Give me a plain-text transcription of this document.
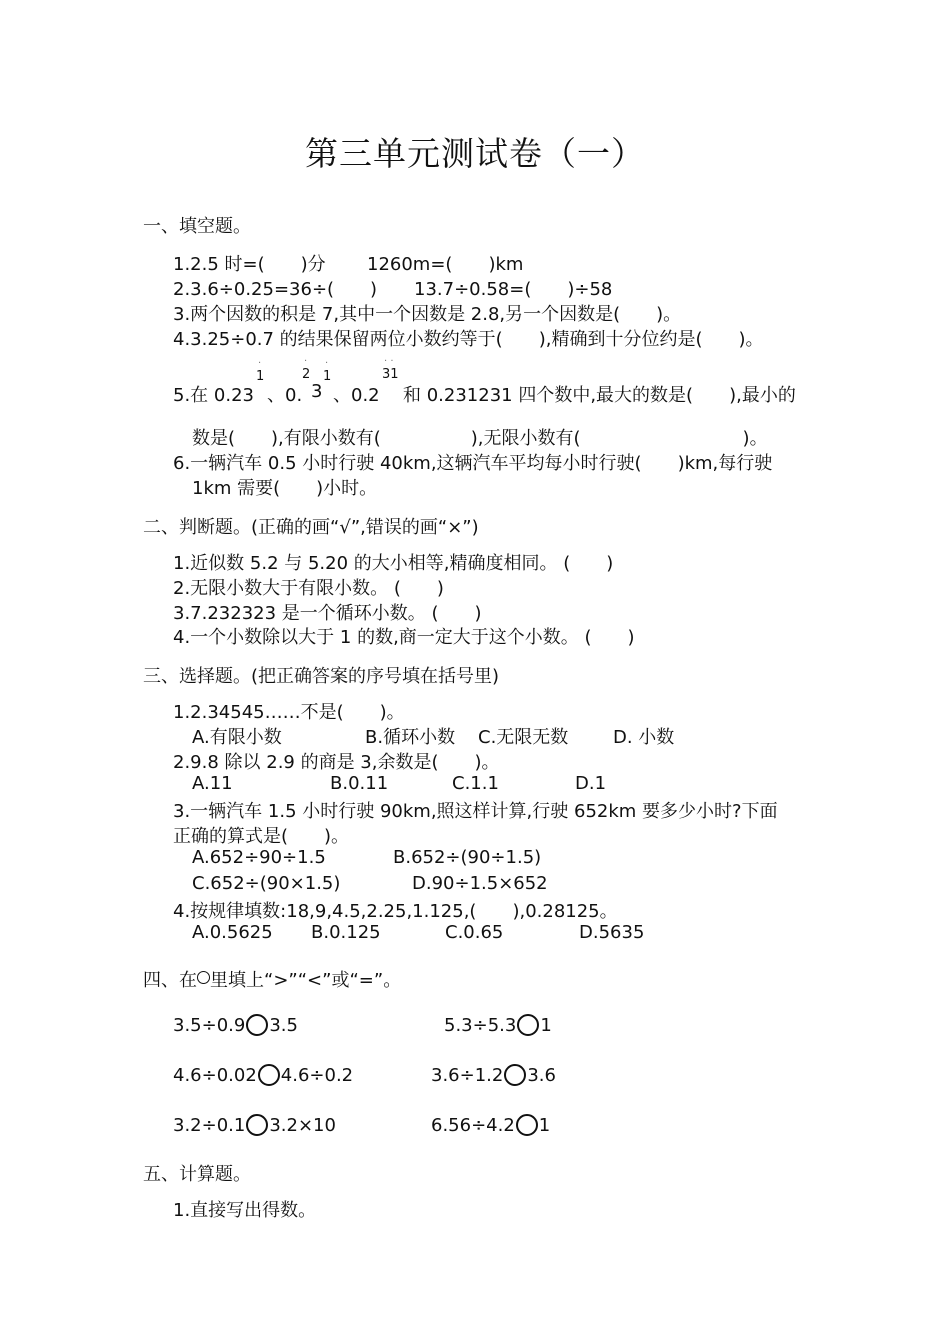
第三单元测试卷（一）
一、填空题。
1.2.5 时=(　　)分 1260m=(　　)km
2.3.6÷0.25=36÷(　　) 13.7÷0.58=(　　)÷58
3.两个因数的积是 7,其中一个因数是 2.8,另一个因数是(　　)。
4.3.25÷0.7 的结果保留两位小数约等于(　　),精确到十分位约是(　　)。
5.在 0.23
1
·
、0.
2
·
3
1
·
、0.2
31
· ·
和 0.231231 四个数中,最大的数是(　　),最小的
数是(　　),有限小数有(　　　　　),无限小数有(　　　　　　　　　)。
6.一辆汽车 0.5 小时行驶 40km,这辆汽车平均每小时行驶(　　)km,每行驶
1km 需要(　　)小时。
二、判断题。(正确的画“√”,错误的画“×”)
1.近似数 5.2 与 5.20 的大小相等,精确度相同。 (　　)
2.无限小数大于有限小数。 (　　)
3.7.232323 是一个循环小数。 (　　)
4.一个小数除以大于 1 的数,商一定大于这个小数。 (　　)
三、选择题。(把正确答案的序号填在括号里)
1.2.34545……不是(　　)。
A.有限小数	B.循环小数 C.无限无数 D. 小数
2.9.8 除以 2.9 的商是 3,余数是(　　)。
A.11	B.0.11	C.1.1	D.1
3.一辆汽车 1.5 小时行驶 90km,照这样计算,行驶 652km 要多少小时?下面
正确的算式是(　　)。
A.652÷90÷1.5	B.652÷(90÷1.5)
C.652÷(90×1.5)	D.90÷1.5×652
4.按规律填数:18,9,4.5,2.25,1.125,(　　),0.28125。
A.0.5625 B.0.125	C.0.65	D.5635
四、在 里填上“>”“<”或“=”。
3.5÷0.9 3.5	5.3÷5.3 1
4.6÷0.02 4.6÷0.2	3.6÷1.2 3.6
3.2÷0.1 3.2×10	6.56÷4.2 1
五、计算题。
1.直接写出得数。
